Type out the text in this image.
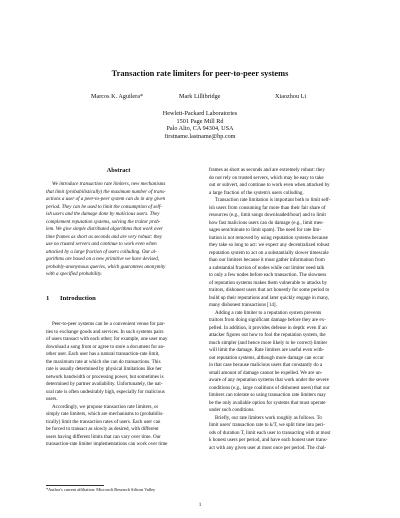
Transaction rate limiters for peer-to-peer systems
Marcos K. Aguilera*	Mark Lillibridge	Xiaozhou Li
Hewlett-Packard Laboratories
1501 Page Mill Rd
Palo Alto, CA 94304, USA
firstname.lastname@hp.com
Abstract
We introduce transaction rate limiters, new mechanisms
that limit (probabilistically) the maximum number of trans-
actions a user of a peer-to-peer system can do in any given
period. They can be used to limit the consumption of self-
ish users and the damage done by malicious users. They
complement reputation systems, solving the traitor prob-
lem. We give simple distributed algorithms that work over
time frames as short as seconds and are very robust: they
use no trusted servers and continue to work even when
attacked by a large fraction of users colluding. Our al-
gorithms are based on a new primitive we have devised,
probably-anonymous queries, which guarantees anonymity
with a specified probability.
1 Introduction
Peer-to-peer systems can be a convenient venue for par-
ties to exchange goods and services. In such systems pairs
of users transact with each other; for example, one user may
download a song from or agree to store a document for an-
other user. Each user has a natural transaction-rate limit,
the maximum rate at which she can do transactions. This
rate is usually determined by physical limitations like her
network bandwidth or processing power, but sometimes is
determined by partner availability. Unfortunately, the nat-
ural rate is often undesirably high, especially for malicious
users.
Accordingly, we propose transaction rate limiters, or
simply rate limiters, which are mechanisms to (probabilis-
tically) limit the transaction rates of users. Each user can
be forced to transact as slowly as desired, with different
users having different limits that can vary over time. Our
transaction-rate limiter implementations can work over time
*Author's current affiliation: Microsoft Research Silicon Valley
frames as short as seconds and are extremely robust: they
do not rely on trusted servers, which may be easy to take
out or subvert, and continue to work even when attacked by
a large fraction of the system's users colluding.
Transaction rate limitation is important both to limit self-
ish users from consuming far more than their fair share of
resources (e.g., limit songs downloaded/hour) and to limit
how fast malicious users can do damage (e.g., limit mes-
sages sent/minute to limit spam). The need for rate lim-
itation is not removed by using reputation systems because
they take so long to act: we expect any decentralized robust
reputation system to act on a substantially slower timescale
than our limiters because it must gather information from
a substantial fraction of nodes while our limiter need talk
to only a few nodes before each transaction. The slowness
of reputation systems makes them vulnerable to attacks by
traitors, dishonest users that act honestly for some period to
build up their reputations and later quickly engage in many,
many dishonest transactions [14].
Adding a rate limiter to a reputation system prevents
traitors from doing significant damage before they are ex-
pelled. In addition, it provides defense in depth: even if an
attacker figures out how to fool the reputation system, the
much simpler (and hence more likely to be correct) limiter
will limit the damage. Rate limiters are useful even with-
out reputation systems, although more damage can occur
in that case because malicious users that constantly do a
small amount of damage cannot be expelled. We are un-
aware of any reputation systems that work under the severe
conditions (e.g., large coalitions of dishonest users) that our
limiters can tolerate so using transaction rate limiters may
be the only available option for systems that must operate
under such conditions.
Briefly, our rate limiters work roughly as follows. To
limit users' transaction rate to k/T, we split time into peri-
ods of duration T, limit each user to transacting with at most
k honest users per period, and have each honest user trans-
act with any given user at most once per period. The chal-
1
